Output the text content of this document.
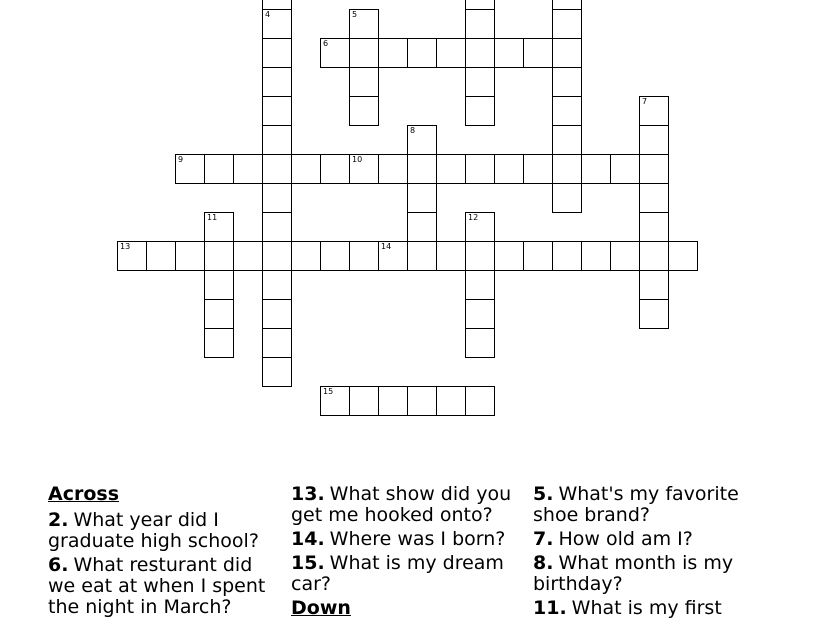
4	5
6
7
8
9	10
11	12
13	14
15
Across
2. What year did I graduate high school?
6. What resturant did we eat at when I spent the night in March?
13. What show did you get me hooked onto?
14. Where was I born?
15. What is my dream car?
Down
5. What's my favorite shoe brand?
7. How old am I?
8. What month is my birthday?
11. What is my first
